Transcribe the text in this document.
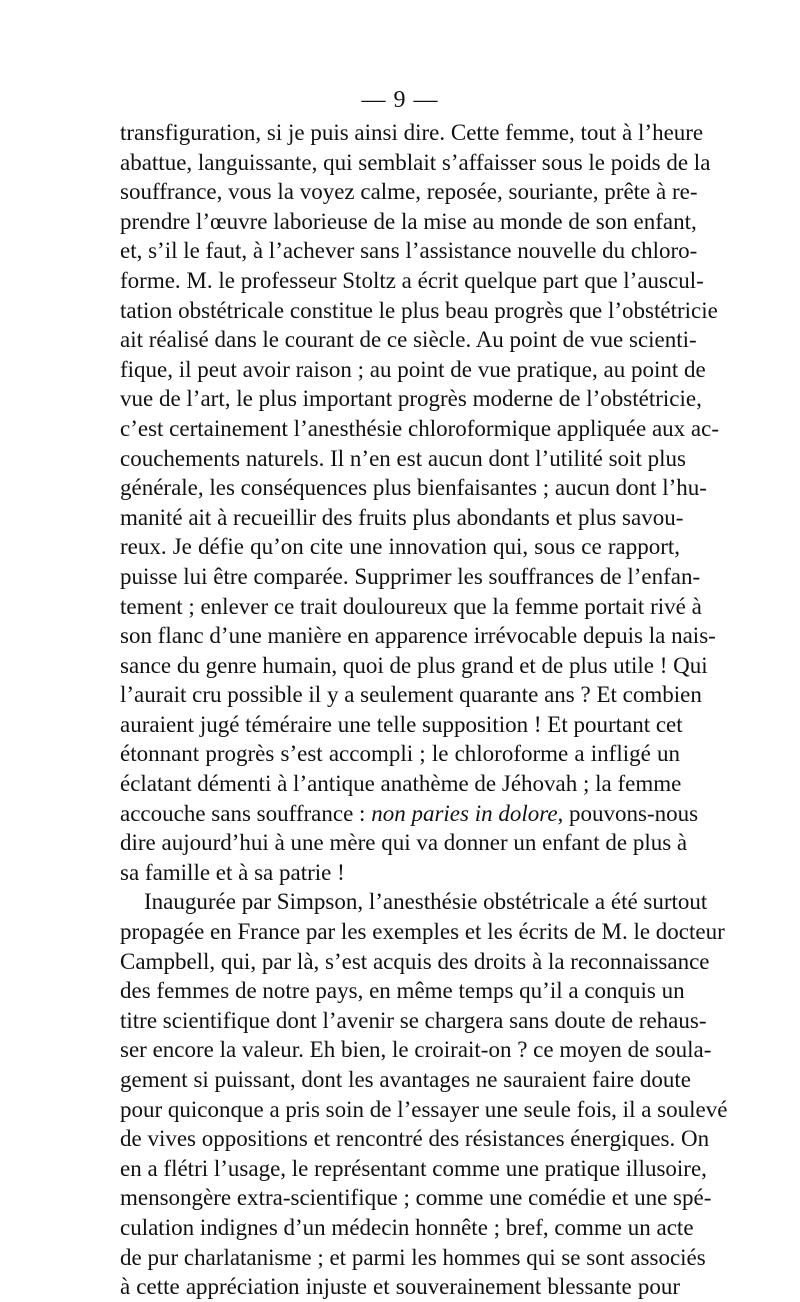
— 9 —
transfiguration, si je puis ainsi dire. Cette femme, tout à l’heure
abattue, languissante, qui semblait s’affaisser sous le poids de la
souffrance, vous la voyez calme, reposée, souriante, prête à re-
prendre l’œuvre laborieuse de la mise au monde de son enfant,
et, s’il le faut, à l’achever sans l’assistance nouvelle du chloro-
forme. M. le professeur Stoltz a écrit quelque part que l’auscul-
tation obstétricale constitue le plus beau progrès que l’obstétricie
ait réalisé dans le courant de ce siècle. Au point de vue scienti-
fique, il peut avoir raison ; au point de vue pratique, au point de
vue de l’art, le plus important progrès moderne de l’obstétricie,
c’est certainement l’anesthésie chloroformique appliquée aux ac-
couchements naturels. Il n’en est aucun dont l’utilité soit plus
générale, les conséquences plus bienfaisantes ; aucun dont l’hu-
manité ait à recueillir des fruits plus abondants et plus savou-
reux. Je défie qu’on cite une innovation qui, sous ce rapport,
puisse lui être comparée. Supprimer les souffrances de l’enfan-
tement ; enlever ce trait douloureux que la femme portait rivé à
son flanc d’une manière en apparence irrévocable depuis la nais-
sance du genre humain, quoi de plus grand et de plus utile ! Qui
l’aurait cru possible il y a seulement quarante ans ? Et combien
auraient jugé téméraire une telle supposition ! Et pourtant cet
étonnant progrès s’est accompli ; le chloroforme a infligé un
éclatant démenti à l’antique anathème de Jéhovah ; la femme
accouche sans souffrance : non paries in dolore, pouvons-nous
dire aujourd’hui à une mère qui va donner un enfant de plus à
sa famille et à sa patrie !
Inaugurée par Simpson, l’anesthésie obstétricale a été surtout
propagée en France par les exemples et les écrits de M. le docteur
Campbell, qui, par là, s’est acquis des droits à la reconnaissance
des femmes de notre pays, en même temps qu’il a conquis un
titre scientifique dont l’avenir se chargera sans doute de rehaus-
ser encore la valeur. Eh bien, le croirait-on ? ce moyen de soula-
gement si puissant, dont les avantages ne sauraient faire doute
pour quiconque a pris soin de l’essayer une seule fois, il a soulevé
de vives oppositions et rencontré des résistances énergiques. On
en a flétri l’usage, le représentant comme une pratique illusoire,
mensongère extra-scientifique ; comme une comédie et une spé-
culation indignes d’un médecin honnête ; bref, comme un acte
de pur charlatanisme ; et parmi les hommes qui se sont associés
à cette appréciation injuste et souverainement blessante pour
